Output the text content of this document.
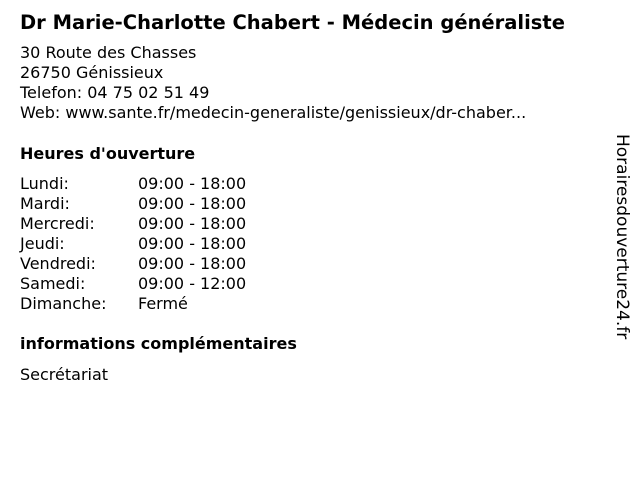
Dr Marie-Charlotte Chabert - Médecin généraliste
30 Route des Chasses
26750 Génissieux
Telefon: 04 75 02 51 49
Web: www.sante.fr/medecin-generaliste/genissieux/dr-chaber...
Heures d'ouverture
Lundi:	09:00 - 18:00
Mardi:	09:00 - 18:00
Mercredi:	09:00 - 18:00
Jeudi:	09:00 - 18:00
Vendredi:	09:00 - 18:00
Samedi:	09:00 - 12:00
Dimanche: Fermé
informations complémentaires
Secrétariat
Horairesdouverture24.fr
